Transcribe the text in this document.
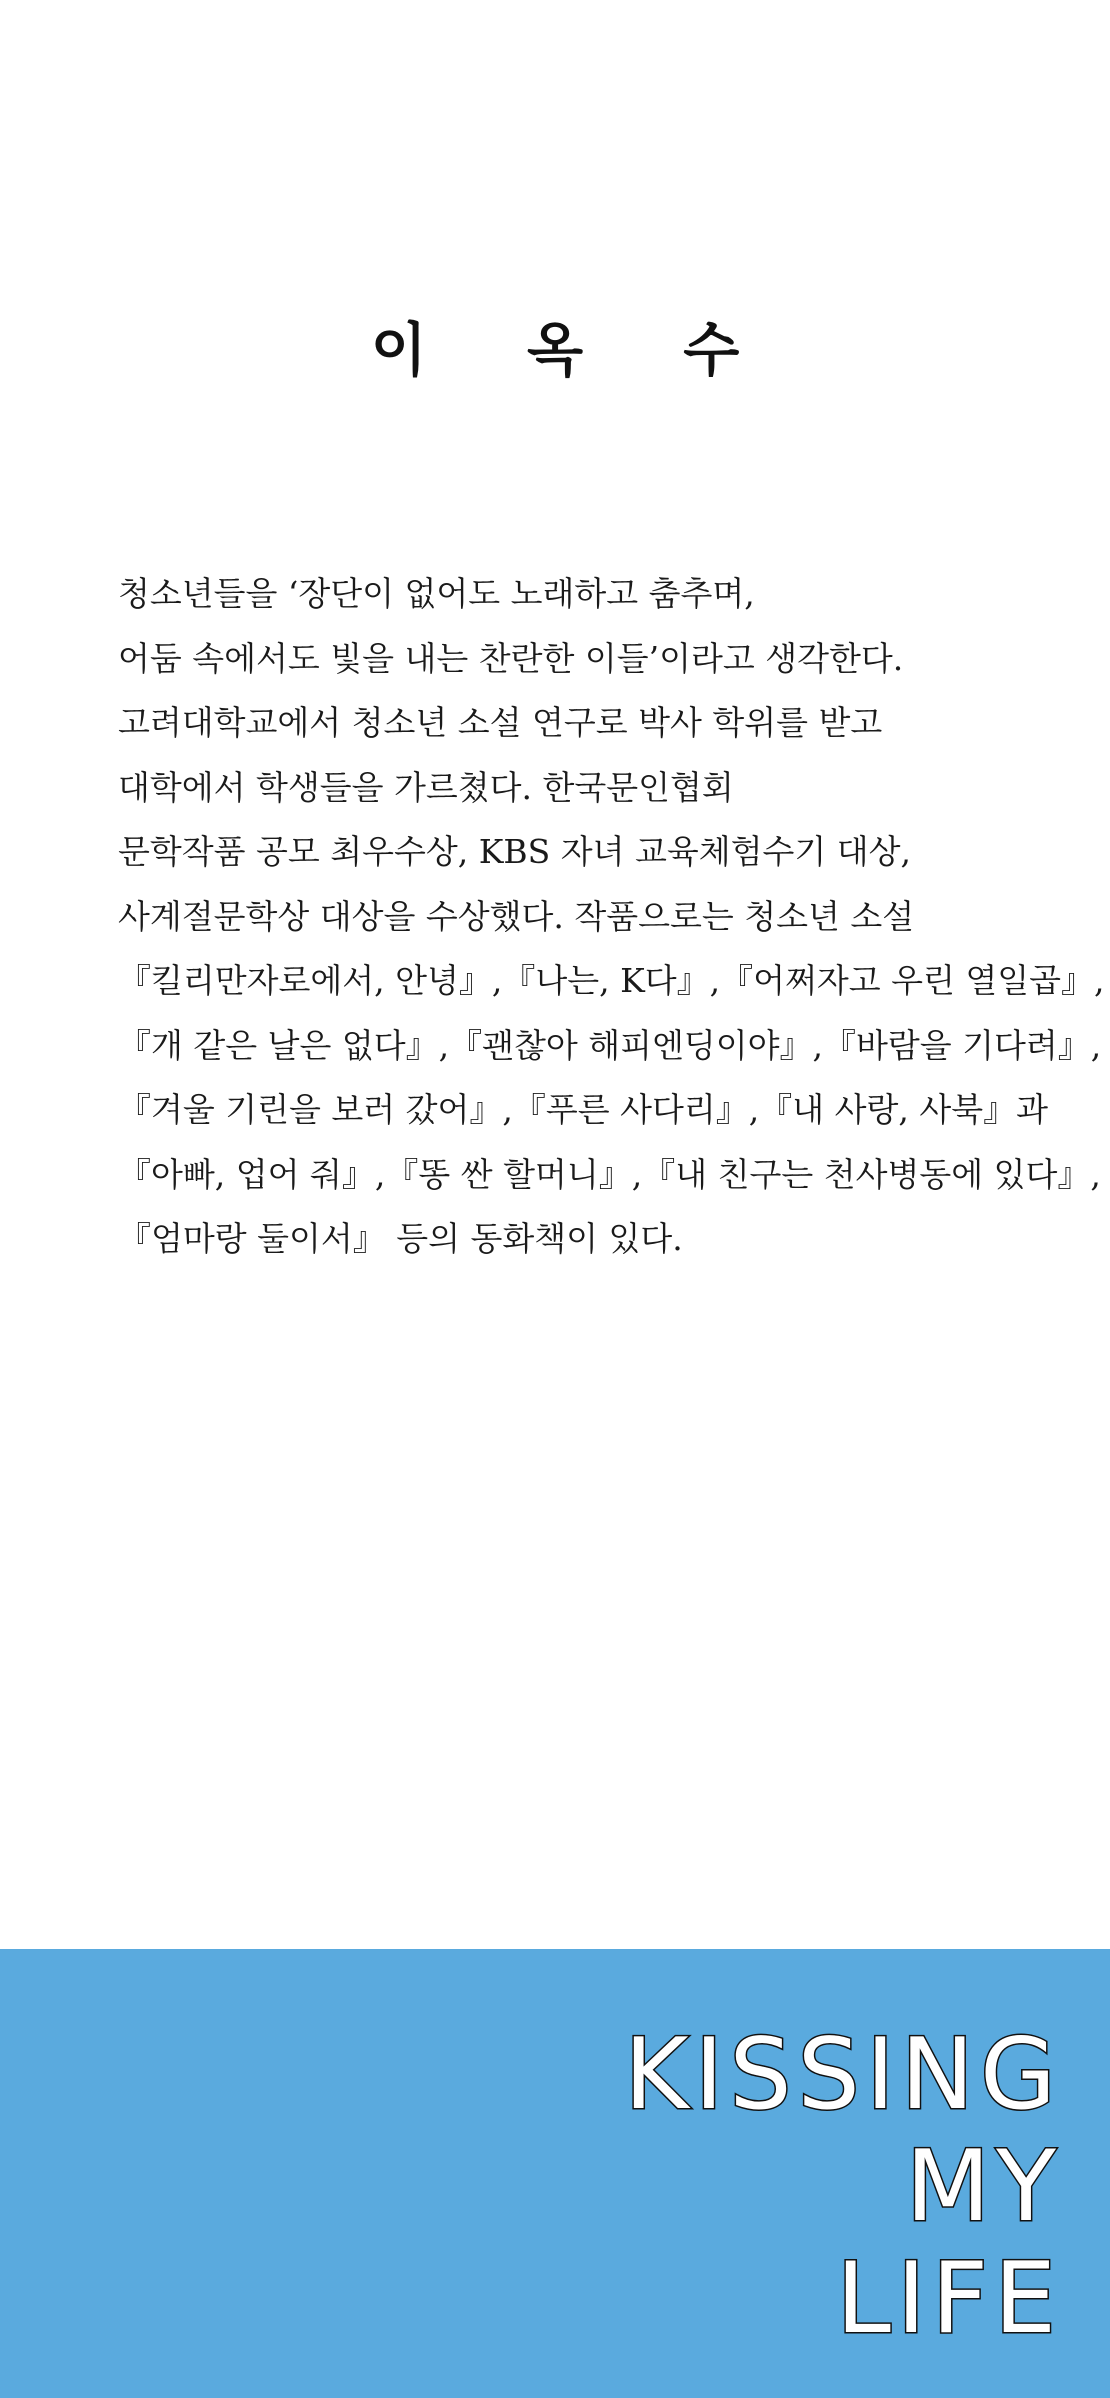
이 옥 수
청소년들을 ‘장단이 없어도 노래하고 춤추며,
어둠 속에서도 빛을 내는 찬란한 이들’이라고 생각한다.
고려대학교에서 청소년 소설 연구로 박사 학위를 받고
대학에서 학생들을 가르쳤다. 한국문인협회
문학작품 공모 최우수상, KBS 자녀 교육체험수기 대상,
사계절문학상 대상을 수상했다. 작품으로는 청소년 소설
『킬리만자로에서, 안녕』,『나는, K다』,『어쩌자고 우린 열일곱』,
『개 같은 날은 없다』,『괜찮아 해피엔딩이야』,『바람을 기다려』,
『겨울 기린을 보러 갔어』,『푸른 사다리』,『내 사랑, 사북』과
『아빠, 업어 줘』,『똥 싼 할머니』,『내 친구는 천사병동에 있다』,
『엄마랑 둘이서』 등의 동화책이 있다.
KISSING
MY
LIFE
